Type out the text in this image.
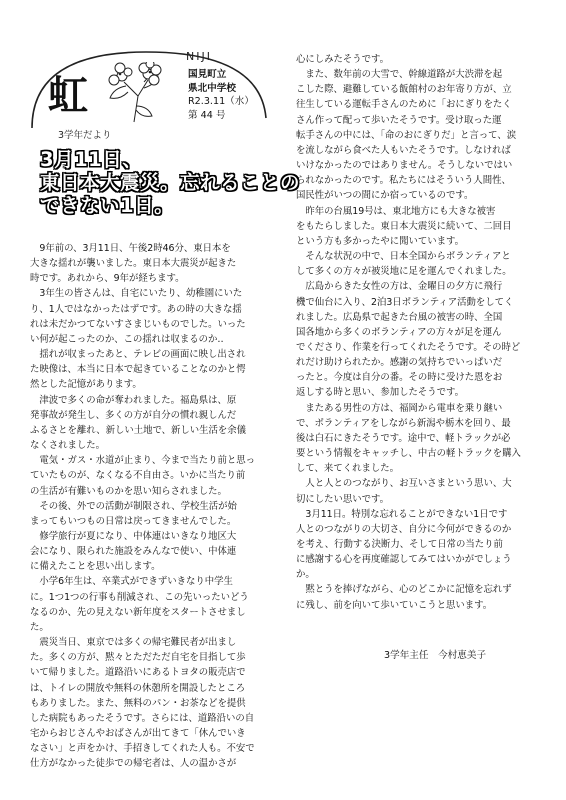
NIJI
虹	国見町立
県北中学校
R2.3.11（水）
第 44 号
3学年だより
3月11日、
東日本大震災。忘れることの
できない1日。

　9年前の、3月11日、午後2時46分、東日本を

大きな揺れが襲いました。東日本大震災が起きた

時です。あれから、9年が経ちます。

　3年生の皆さんは、自宅にいたり、幼稚園にいた

り、1人ではなかったはずです。あの時の大きな揺

れは未だかつてないすさまじいものでした。いった

い何が起こったのか、この揺れは収まるのか‥

　揺れが収まったあと、テレビの画面に映し出され

た映像は、本当に日本で起きていることなのかと愕

然とした記憶があります。

　津波で多くの命が奪われました。福島県は、原

発事故が発生し、多くの方が自分の慣れ親しんだ

ふるさとを離れ、新しい土地で、新しい生活を余儀

なくされました。

　電気・ガス・水道が止まり、今まで当たり前と思っ

ていたものが、なくなる不自由さ。いかに当たり前

の生活が有難いものかを思い知らされました。

　その後、外での活動が制限され、学校生活が始

まってもいつもの日常は戻ってきませんでした。

　修学旅行が夏になり、中体連はいきなり地区大

会になり、限られた施設をみんなで使い、中体連

に備えたことを思い出します。

　小学6年生は、卒業式ができずいきなり中学生

に。1つ1つの行事も削減され、この先いったいどう

なるのか、先の見えない新年度をスタートさせまし

た。

　震災当日、東京では多くの帰宅難民者が出まし

た。多くの方が、黙々とただただ自宅を目指して歩

いて帰りました。道路沿いにあるトヨタの販売店で

は、トイレの開放や無料の休憩所を開設したところ

もありました。また、無料のパン・お茶などを提供

した病院もあったそうです。さらには、道路沿いの自

宅からおじさんやおばさんが出てきて「休んでいき

なさい」と声をかけ、手招きしてくれた人も。不安で

仕方がなかった徒歩での帰宅者は、人の温かさが

心にしみたそうです。

　また、数年前の大雪で、幹線道路が大渋滞を起

こした際、避難している飯館村のお年寄り方が、立

往生している運転手さんのために「おにぎりをたく

さん作って配って歩いたそうです。受け取った運

転手さんの中には、「命のおにぎりだ」と言って、涙

を流しながら食べた人もいたそうです。しなければ

いけなかったのではありません。そうしないではい

られなかったのです。私たちにはそういう人間性、

国民性がいつの間にか宿っているのです。

　昨年の台風19号は、東北地方にも大きな被害

をもたらしました。東日本大震災に続いて、二回目

という方も多かったやに聞いています。

　そんな状況の中で、日本全国からボランティアと

して多くの方々が被災地に足を運んでくれました。

　広島からきた女性の方は、金曜日の夕方に飛行

機で仙台に入り、2泊3日ボランティア活動をしてく

れました。広島県で起きた台風の被害の時、全国

国各地から多くのボランティアの方々が足を運ん

でくださり、作業を行ってくれたそうです。その時ど

れだけ助けられたか。感謝の気持ちでいっぱいだ

ったと。今度は自分の番。その時に受けた恩をお

返しする時と思い、参加したそうです。

　またある男性の方は、福岡から電車を乗り継い

で、ボランティアをしながら新潟や栃木を回り、最

後は白石にきたそうです。途中で、軽トラックが必

要という情報をキャッチし、中古の軽トラックを購入

して、来てくれました。

　人と人とのつながり、お互いさまという思い、大

切にしたい思いです。

　3月11日。特別な忘れることができない1日です

人とのつながりの大切さ、自分に今何ができるのか

を考え、行動する決断力、そして日常の当たり前

に感謝する心を再度確認してみてはいかがでしょう

か。

　黙とうを捧げながら、心のどこかに記憶を忘れず

に残し、前を向いて歩いていこうと思います。

3学年主任　今村恵美子
